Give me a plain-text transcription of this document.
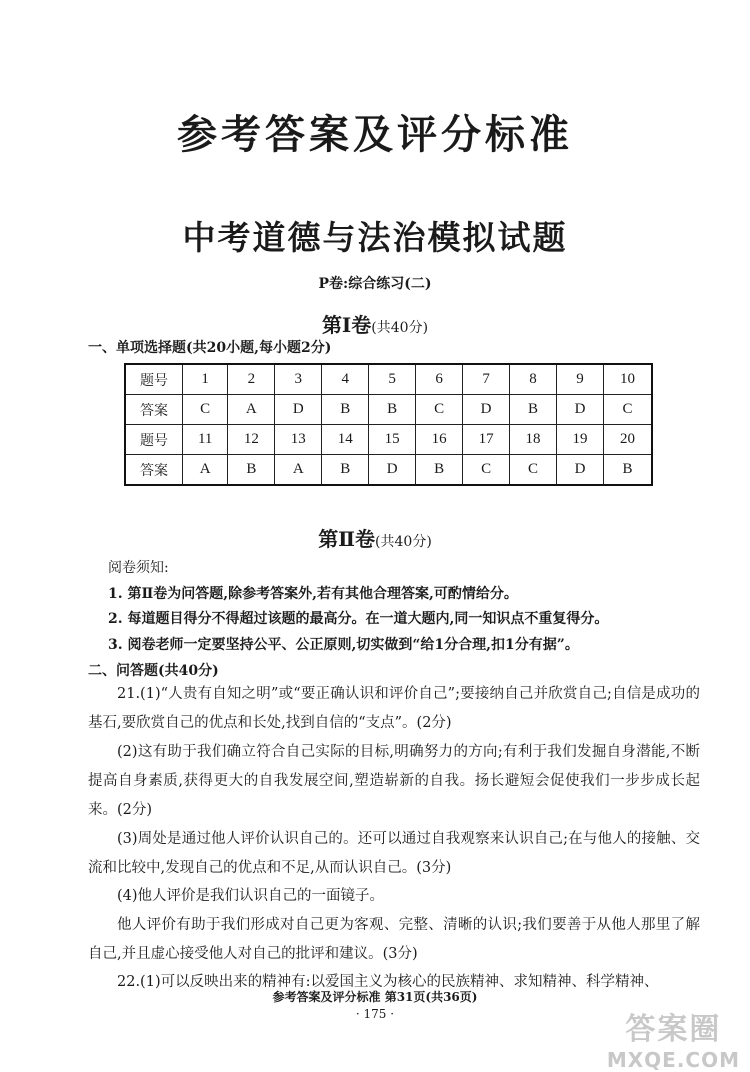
参考答案及评分标准
中考道德与法治模拟试题
P卷:综合练习(二)
第Ⅰ卷(共40分)
一、单项选择题(共20小题,每小题2分)
题号	1	2	3	4	5	6	7	8	9	10
答案	C	A	D	B	B	C	D	B	D	C
题号	11	12	13	14	15	16	17	18	19	20
答案	A	B	A	B	D	B	C	C	D	B
第Ⅱ卷(共40分)
阅卷须知:
1. 第Ⅱ卷为问答题,除参考答案外,若有其他合理答案,可酌情给分。
2. 每道题目得分不得超过该题的最高分。在一道大题内,同一知识点不重复得分。
3. 阅卷老师一定要坚持公平、公正原则,切实做到“给1分合理,扣1分有据”。
二、问答题(共40分)
21.(1)“人贵有自知之明”或“要正确认识和评价自己”;要接纳自己并欣赏自己;自信是成功的基石,要欣赏自己的优点和长处,找到自信的“支点”。(2分)
(2)这有助于我们确立符合自己实际的目标,明确努力的方向;有利于我们发掘自身潜能,不断提高自身素质,获得更大的自我发展空间,塑造崭新的自我。扬长避短会促使我们一步步成长起来。(2分)
(3)周处是通过他人评价认识自己的。还可以通过自我观察来认识自己;在与他人的接触、交流和比较中,发现自己的优点和不足,从而认识自己。(3分)
(4)他人评价是我们认识自己的一面镜子。
他人评价有助于我们形成对自己更为客观、完整、清晰的认识;我们要善于从他人那里了解自己,并且虚心接受他人对自己的批评和建议。(3分)
22.(1)可以反映出来的精神有:以爱国主义为核心的民族精神、求知精神、科学精神、
参考答案及评分标准 第31页(共36页)
· 175 ·	答案圈
MXQE.COM
